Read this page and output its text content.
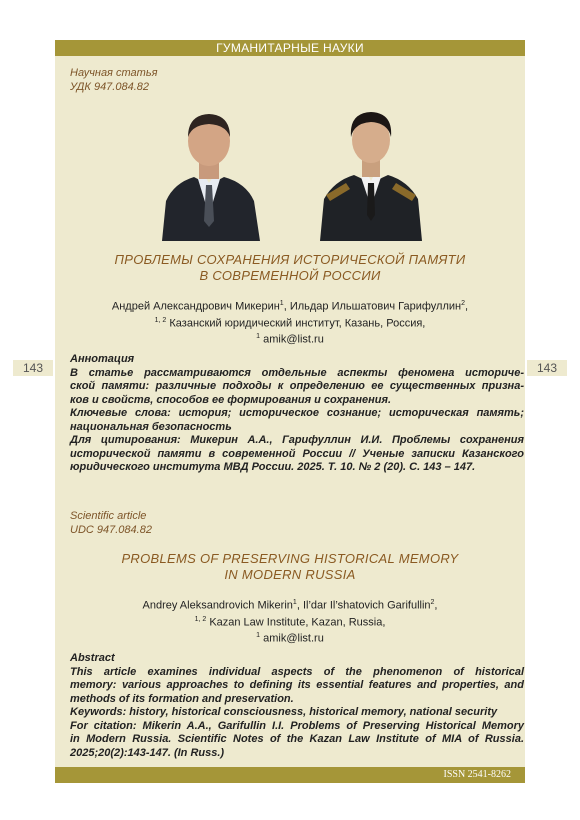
ГУМАНИТАРНЫЕ НАУКИ
143	143
Научная статья
УДК 947.084.82
ПРОБЛЕМЫ СОХРАНЕНИЯ ИСТОРИЧЕСКОЙ ПАМЯТИ
В СОВРЕМЕННОЙ РОССИИ
Андрей Александрович Микерин$^1$, Ильдар Ильшатович Гарифуллин$^2$,
$^{1, 2}$ Казанский юридический институт, Казань, Россия,
$^1$ amik@list.ru
Аннотация
В статье рассматриваются отдельные аспекты феномена историче-
ской памяти: различные подходы к определению ее существенных призна-
ков и свойств, способов ее формирования и сохранения.
Ключевые слова: история; историческое сознание; историческая память;
национальная безопасность
Для цитирования: Микерин А.А., Гарифуллин И.И. Проблемы сохранения
исторической памяти в современной России // Ученые записки Казанского
юридического института МВД России. 2025. Т. 10. № 2 (20). С. 143 – 147.
Scientific article
UDC 947.084.82
PROBLEMS OF PRESERVING HISTORICAL MEMORY
IN MODERN RUSSIA
Andrey Aleksandrovich Mikerin$^1$, Il’dar Il’shatovich Garifullin$^2$,
$^{1, 2}$ Kazan Law Institute, Kazan, Russia,
$^1$ amik@list.ru
Abstract
This article examines individual aspects of the phenomenon of historical
memory: various approaches to defining its essential features and properties, and
methods of its formation and preservation.
Keywords: history, historical consciousness, historical memory, national security
For citation: Mikerin A.A., Garifullin I.I. Problems of Preserving Historical Memory
in Modern Russia. Scientific Notes of the Kazan Law Institute of MIA of Russia.
2025;20(2):143-147. (In Russ.)
ISSN 2541-8262
